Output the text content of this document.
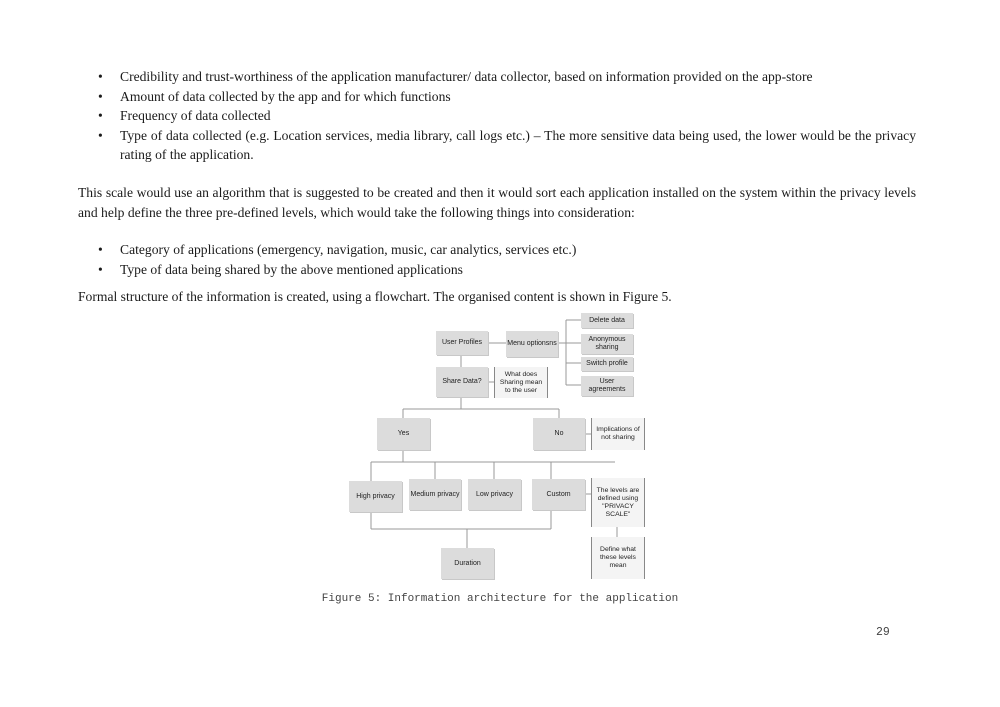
• Credibility and trust-worthiness of the application manufacturer/ data collector, based on information provided on the app-store
• Amount of data collected by the app and for which functions
• Frequency of data collected
• Type of data collected (e.g. Location services, media library, call logs etc.) – The more sensitive data being used, the lower would be the privacy rating of the application.

This scale would use an algorithm that is suggested to be created and then it would sort each application installed on the system within the privacy levels and help define the three pre-defined levels, which would take the following things into consideration:

• Category of applications (emergency, navigation, music, car analytics, services etc.)
• Type of data being shared by the above mentioned applications

Formal structure of the information is created, using a flowchart. The organised content is shown in Figure 5.

User Profiles	Menu optionsns
Delete data
Anonymous sharing
Switch profile
User agreements
Share Data?
What does Sharing mean to the user
Yes	No
Implications of not sharing
High privacy	Medium privacy	Low privacy	Custom
The levels are defined using "PRIVACY SCALE"
Duration
Define what these levels mean
Figure 5: Information architecture for the application
29
